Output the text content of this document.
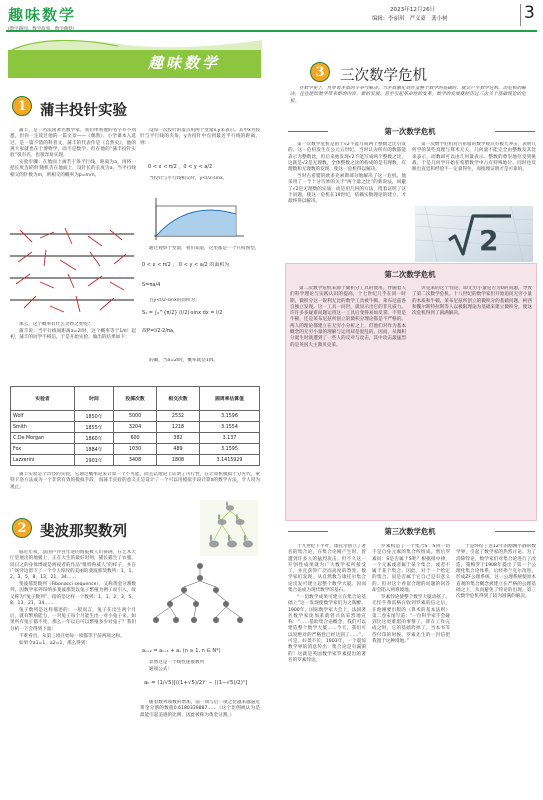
趣味数学	2023年12月26日
编辑：李丽琪　严义豪　龚小树	3
趣味数学
1 蒲丰投针实验

蒲丰，是一名法国著名数学家，我们单看他的名字并不熟悉，但你一定读过他的一篇文章——《偶然》、小学课本入选过。是一篇不错的科普文，蒲丰的代表作是《自然史》，他的观大家就也在于博物学，而不是数学。但在他的“蒲丰投针实验”很有名，也很容易实现。

实验步骤：在地面上画若干条平行线，距离为a，再将一把长度为l的针随机丢在地面上，设针长的长度为a，当平行线相交的针数为m，则相交的概率为p=m/n。

那么，这个概率有什么奇妙之处呢？

蒲丰说：当平行线间距离a=2l时，这个概率等于1/π！起初，蒲丰的同学不相信，于是开始实验。做出的结果如下：

设每一次投针的落点用两个变量x,y来表示。其中x为投针与平行线的夹角，y为投针中点到最近平行线的距离，则：

0 < x < π/2 ，0 < y < a/2

当投针与平行线相交时，y<l/2·sinx。

通过观察个变量，我们知道，这里都是一个只构图型。

0 < x < π/2 ， 0 < y < a/2 的面积为
S=πa/4

且y<l/2·sinx的面积为：

S₁ = ∫₀^{π/2} (l/2)·sinx dx = l/2
故P=l/2·2/πa，

的确，当a=2l时，概率就是1/π。

实验者	时间	投掷次数	相交次数	圆周率估算值
Wolf	1850年	5000	2532	3.1596
Smith	1855年	3204	1218	3.1554
C.De Morgan	1860年	600	382	3.137
Fox	1884年	1030	489	3.1595
Lazzerini	1901年	3408	1808	3.1415929
2 斐波那契数列

临近年夜，法国卢浮宫年迎的海报被人们挤满，在艺术大厅里展出的地板上，正在大生的最好时刻，猫长猫生了衣服，同日之的身体博或是两夜者的作品“维特鲁威人”的样子，并在广场旁边留下了一个令人惊叹的美丽的斐波那契数列：1，1，2，3，5，8，13，21，34……

斐波那契数列（Fibonacci sequence），又称黄金分割数列，因数学家列昂纳多斐波那契以兔子繁殖为例子而引入，故又称为“兔子数列”，指的是这样一个数列：1，1，2，3，5，8，13，21，34……

兔子数列是这样描述的：一般而言，兔子在出生两个月后，就有繁殖能力，一对兔子每个月能生出一对小兔子来。如果所有兔子都不死，那么一年以后可以繁殖多少对兔子？我们分析一下会得到下面：

不难看出，从第三项开始每一项都等于前两项之和。

如果令a1=1，a2=1，那么得到：

aₙ₊₂ = aₙ₊₁ + aₙ (n ≥ 1, n ∈ N*)

显然这是一个线性递推数列

通项公式：

aₙ = (1/√5)[((1+√5)/2)ⁿ − ((1−√5)/2)ⁿ]

随着数列项数的增加，前一项与后一项之比越来越逼近黄金分割的数值0.6180339887……（这个比例被认为是最能引起美感的比例，因此被称为黄金分割。）

3	三次数学危机

在数学史上，贯穿着矛盾的斗争与解决。当矛盾激化到涉及整个数学的基础时，就会产生数学危机。而危机的解决，往往能给数学带来新的内容、新的发展，甚至引起革命性的变革。数学的发展就经历过三次关于基础理论的危机。

第一次数学危机

第一次数学危机是由于√2不能写成两个整数之比引发的。这一危机发生在公元五世纪，当时认为所有的数都能表示为整数比，但后来他发现√2不能写成两个整数之比，这就是√2是无理数，全体整数之比的构成的是有理数，有理数和无理数的发现，使这一危机得以解决。

当时古希腊的欧多克索斯部分地解决了这一危机。他采用了一个十分巧妙的关于“两个量之比”的新说法，回避了√2是无理数的实质，而是用几何的方法，绕着证明了这个问题，使这一危机在19世纪，依赖实数理论的建立，才最终得以解决。

第一次数学危机对古希腊的数学观点有极大冲击，表明几何学的某些真理与算术无关，几何量不能完全由整数及其比来表示，而数却可以由几何量表示。整数的尊崇地位受到挑战，于是几何学开始在希腊数学中占有特殊地位。同时也反映出直觉和经验不一定靠得住，而推理证明才是可靠的。

2
第二次数学危机

第二次数学危机来源于微积分工具的使用。伴随着人们科学理论与实践认识的提高，十七世纪几乎在同一时期，微积分这一锐利无比的数学工具被牛顿、莱布尼兹各自独立发现。这一工具一问世，就显示出它的非凡威力。许许多多疑难问题运用这一工具后变得易如反掌。不管是牛顿，还是莱布尼兹所创立的微积分理论都是不严格的。两人的理论都建立在无穷小分析之上，但他们对作为基本概念的无穷小量的理解与运用却是混乱的。因而，从微积分诞生时就遭到了一些人的反对与攻击，其中攻击最猛烈的是英国大主教贝克莱。

贝克莱的这个悖论，即无穷小量是否为0的问题，导致了第二次数学危机。十八世纪的数学家们开始追问无穷小量的本质和牛顿、莱布尼兹所创立的微积分的基础问题，柯西和魏尔斯特拉斯等人以极限理论为基础来建立微积分，使这次危机得到了圆满解决。

第三次数学危机

十九世纪下半叶，康托尔创立了著名的集合论，在集合论刚产生时，曾遭到许多人的猛烈攻击。但不久这一开创性成果就为广大数学家所接受了，并且获得广泛而高度的赞誉。数学家们发现，从自然数与康托尔集合论出发可建立起整个数学大厦。因而集合论成为现代数学的基石。

“一切数学成果可建立在集合论基础上”这一发现使数学家们为之陶醉。1900年，国际数学家大会上，法国著名数学家庞加莱就曾兴高采烈地宣称：“……借助集合论概念，我们可以建造整个数学大厦……今天，我们可以说绝对的严格性已经达到了……”。可是，好景不长，1903年，一个震惊数学界的消息传出：集合论是有漏洞的！这就是英国数学家罗素提出的著名的罗素悖论。

罗素构造了一个集合S：S由一切不是自身元素的集合所组成。然后罗素问：S是否属于S呢？根据排中律，一个元素或者属于某个集合，或者不属于某个集合。因此，对于一个给定的集合，问是否属于它自己是有意义的。但对这个看似合理的问题的回答却会陷入两难境地。

罗素悖论使整个数学大厦动摇了。无怪乎弗雷格在收到罗素的信之后，在他刚要出版的《算术的基本法则》第二卷末尾写道：“一位科学家不会碰到比这更难堪的事情了，即在工作完成之时，它的基础垮掉了，当本书等待付印的时候，罗素先生的一封信把我置于这种境地。”

于是终结了近12年的刚刚平静的数学界，引起了数学家的热烈讨论。为了消除悖论，数学家们对集合论进行了改造，策梅罗于1908年提出了第一个公理化集合论体系，后经弗兰克尔改进，形成ZF公理系统。这一公理系统使原本直观的集合概念被建立在严格的公理基础之上，从而避免了悖论的出现，第三次数学危机得到了较为圆满的解决。

蒲丰实验是个奇怪的实验，它通过概率论来计算一个不可能，而且认理论上证明了可行性。在计算机模拟十分先代，蒙特卡洛方法成为一个非常有效的模拟手段，而蒲丰实验的意义正是设计了一个可以用模拟手段计算π的数学方法，令人叹为观止。
